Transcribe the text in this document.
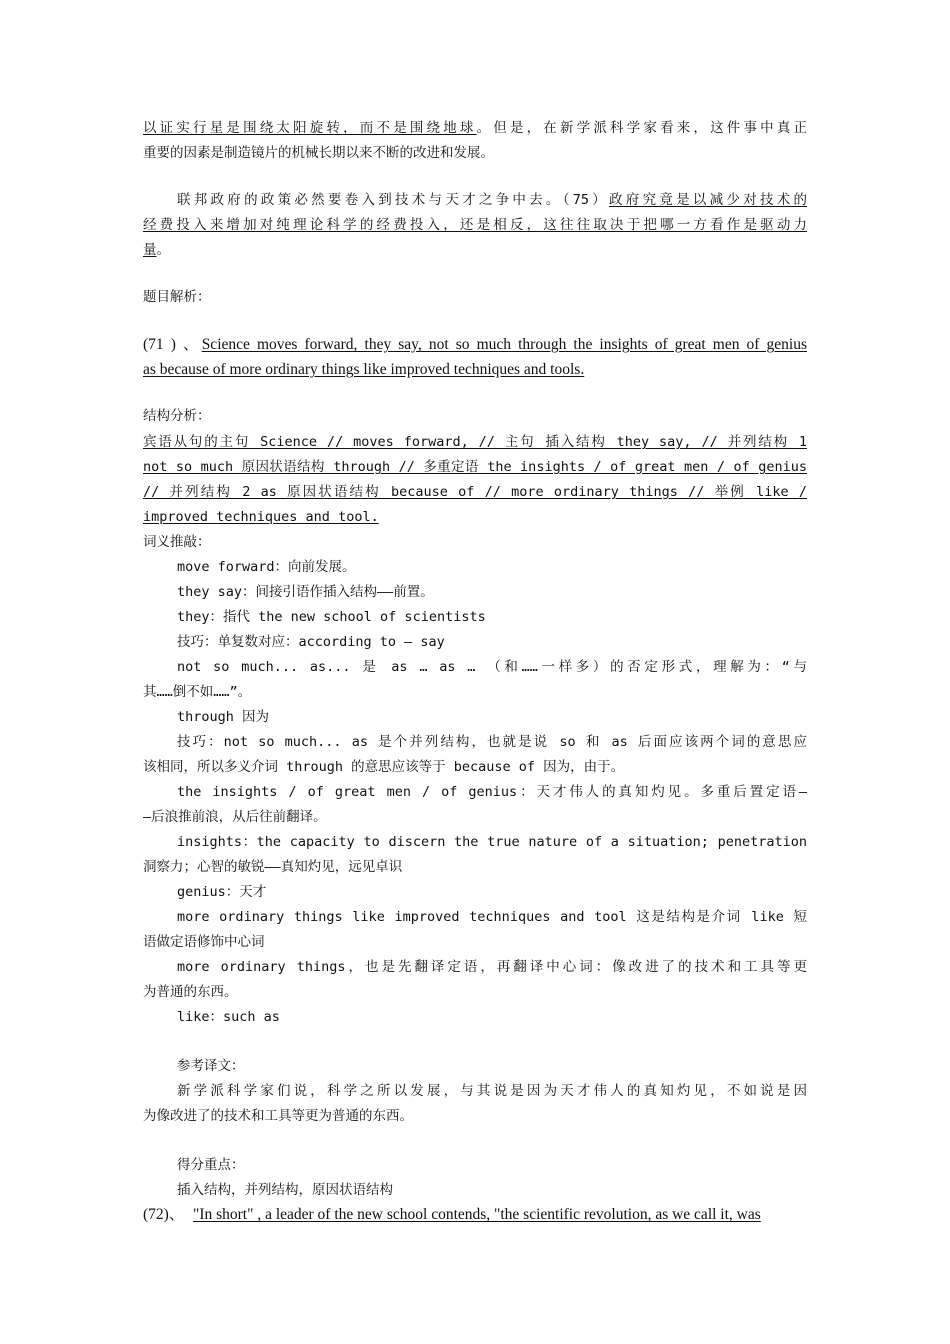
以证实行星是围绕太阳旋转，而不是围绕地球。但是，在新学派科学家看来，这件事中真正
重要的因素是制造镜片的机械长期以来不断的改进和发展。
联邦政府的政策必然要卷入到技术与天才之争中去。（75）政府究竟是以减少对技术的
经费投入来增加对纯理论科学的经费投入，还是相反，这往往取决于把哪一方看作是驱动力
量。
题目解析：
(71 ) 、Science moves forward, they say, not so much through the insights of great men of genius
as because of more ordinary things like improved techniques and tools.
结构分析：
宾语从句的主句 Science // moves forward, // 主句 插入结构 they say, // 并列结构 1
not so much 原因状语结构 through // 多重定语 the insights / of great men / of genius
// 并列结构 2 as 原因状语结构 because of // more ordinary things // 举例 like /
improved techniques and tool.
词义推敲：
move forward：向前发展。
they say：间接引语作插入结构——前置。
they：指代 the new school of scientists
技巧：单复数对应：according to – say
not so much... as... 是 as … as … （和……一样多）的否定形式，理解为：“与
其……倒不如……”。
through 因为
技巧：not so much... as 是个并列结构，也就是说 so 和 as 后面应该两个词的意思应
该相同，所以多义介词 through 的意思应该等于 because of 因为，由于。
the insights / of great men / of genius：天才伟人的真知灼见。多重后置定语—
—后浪推前浪，从后往前翻译。
insights：the capacity to discern the true nature of a situation; penetration
洞察力；心智的敏锐——真知灼见，远见卓识
genius：天才
more ordinary things like improved techniques and tool 这是结构是介词 like 短
语做定语修饰中心词
more ordinary things，也是先翻译定语，再翻译中心词：像改进了的技术和工具等更
为普通的东西。
like：such as
参考译文：
新学派科学家们说，科学之所以发展，与其说是因为天才伟人的真知灼见，不如说是因
为像改进了的技术和工具等更为普通的东西。
得分重点：
插入结构，并列结构，原因状语结构
(72)、 "In short" , a leader of the new school contends, "the scientific revolution, as we call it, was
